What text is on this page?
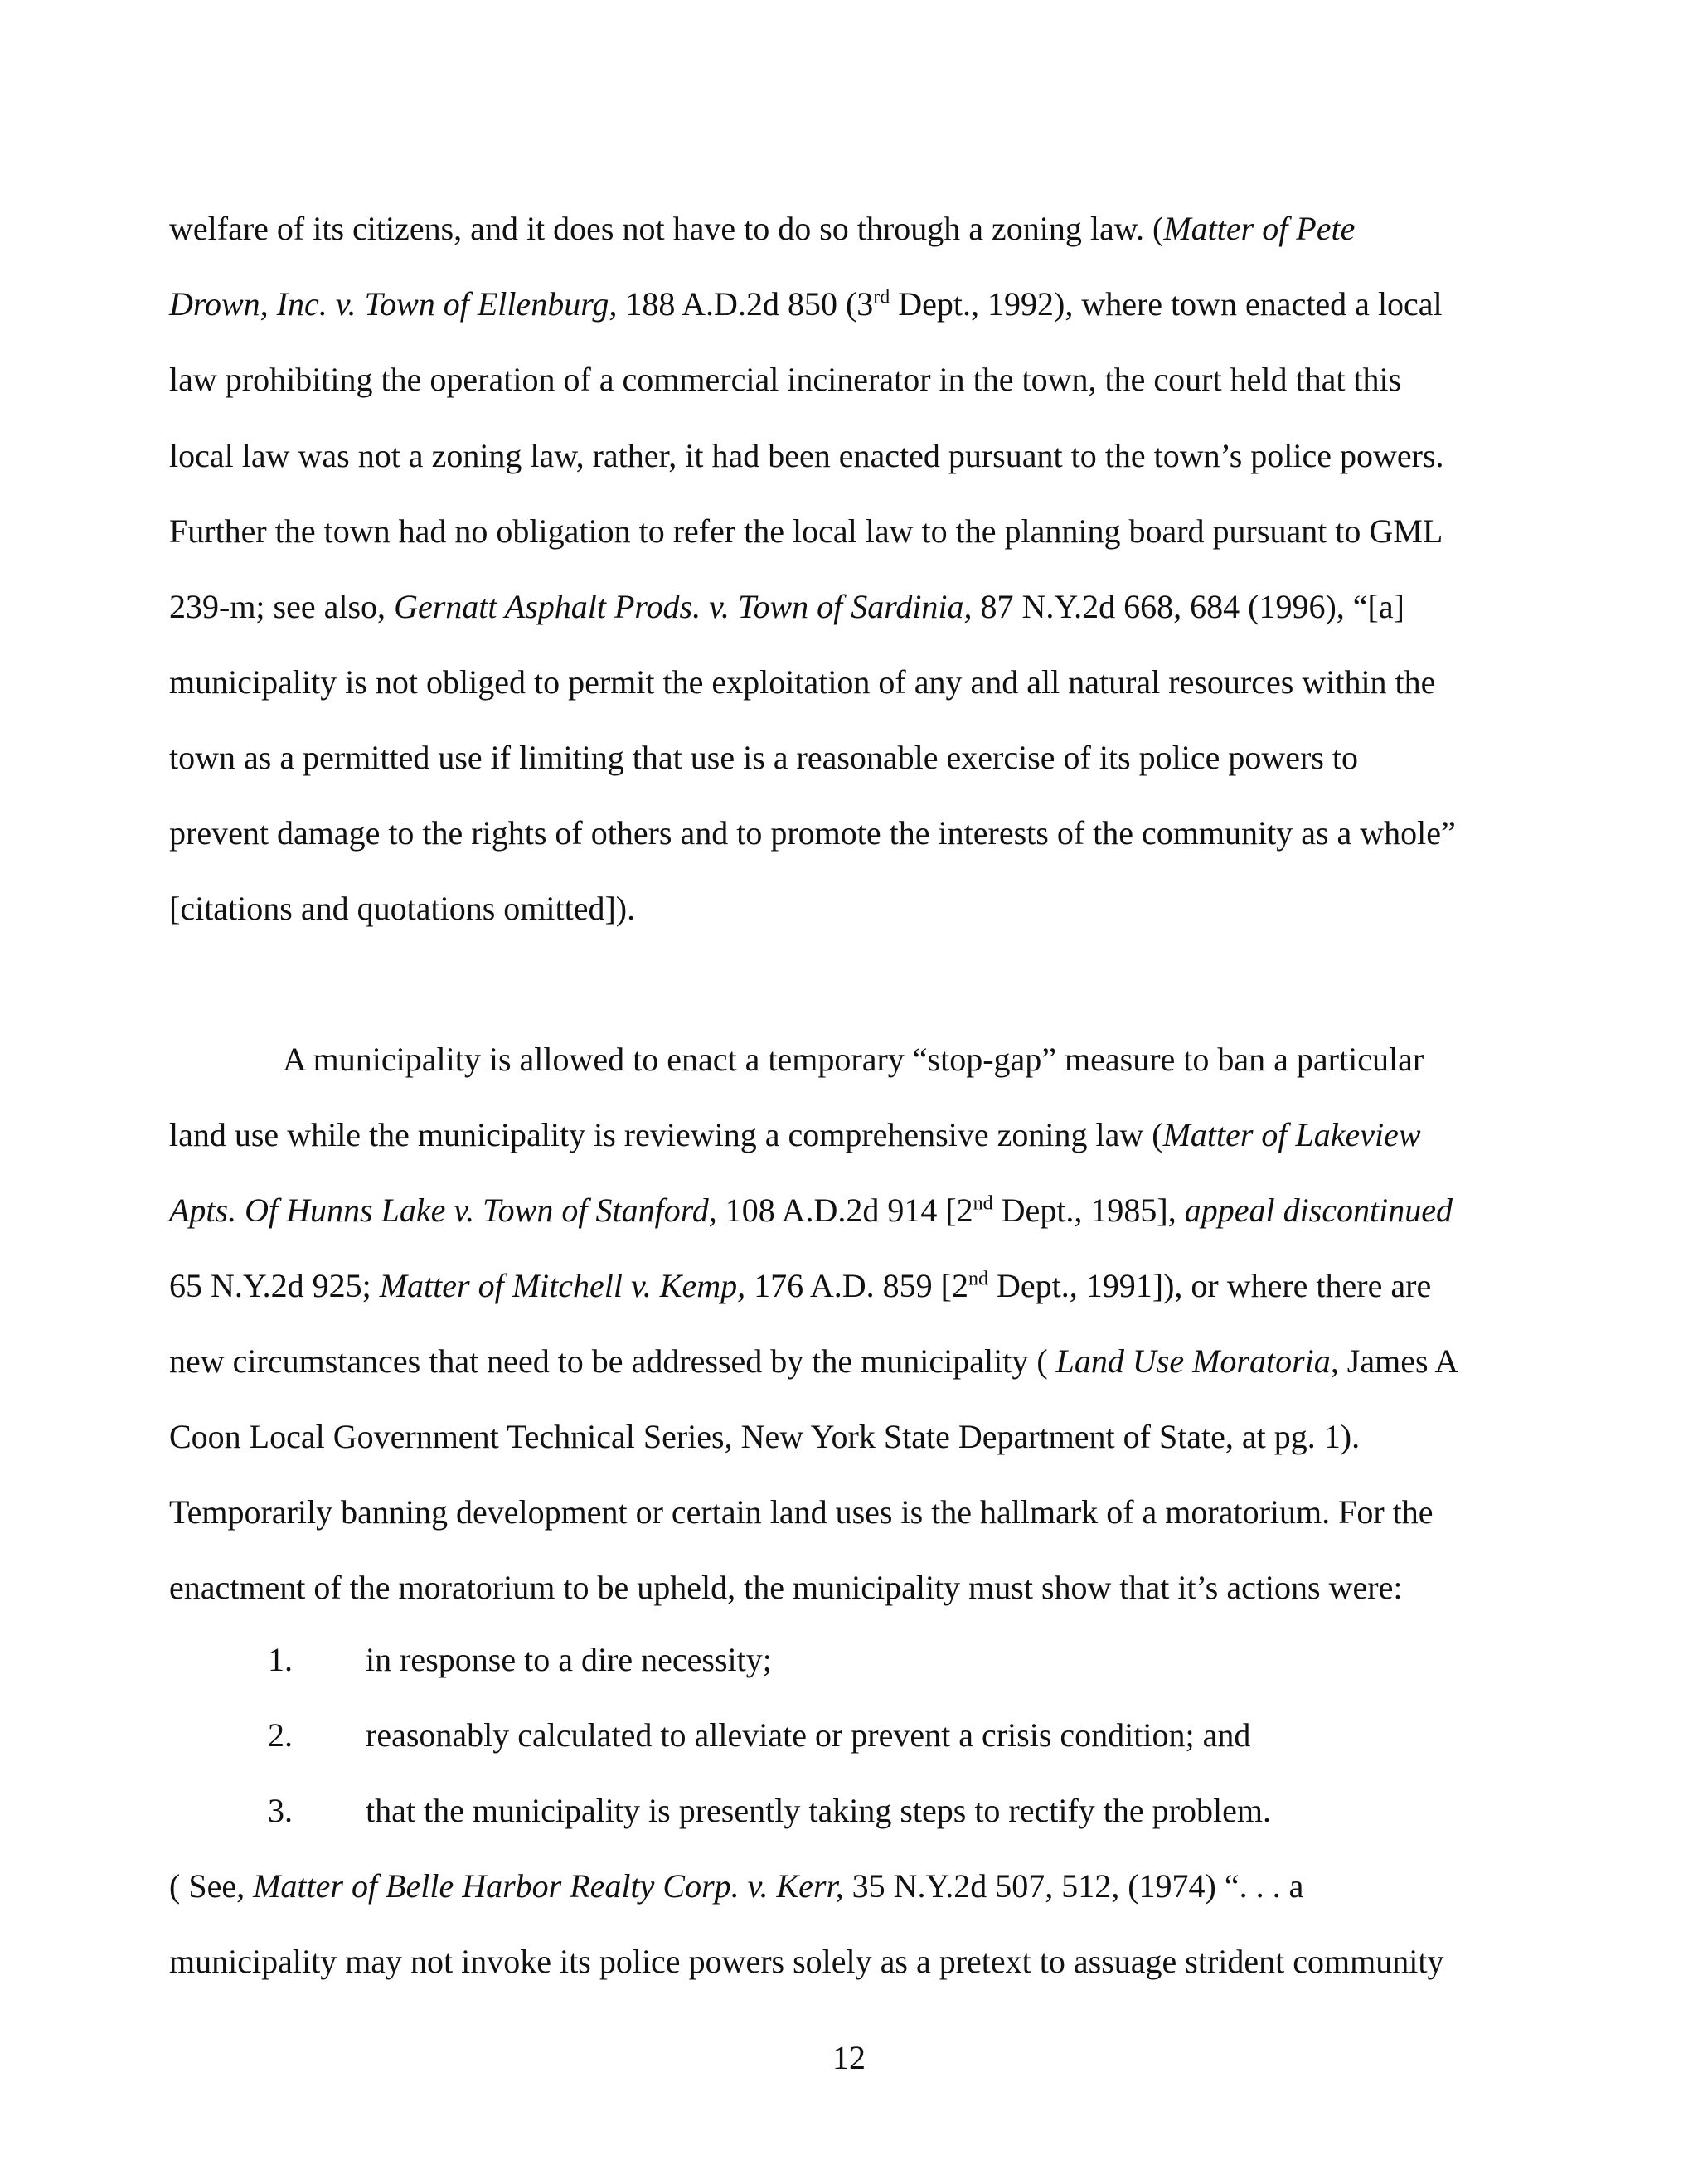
welfare of its citizens, and it does not have to do so through a zoning law. (Matter of Pete
Drown, Inc. v. Town of Ellenburg, 188 A.D.2d 850 (3rd Dept., 1992), where town enacted a local
law prohibiting the operation of a commercial incinerator in the town, the court held that this
local law was not a zoning law, rather, it had been enacted pursuant to the town’s police powers.
Further the town had no obligation to refer the local law to the planning board pursuant to GML
239-m; see also, Gernatt Asphalt Prods. v. Town of Sardinia, 87 N.Y.2d 668, 684 (1996), “[a]
municipality is not obliged to permit the exploitation of any and all natural resources within the
town as a permitted use if limiting that use is a reasonable exercise of its police powers to
prevent damage to the rights of others and to promote the interests of the community as a whole”
[citations and quotations omitted]).
A municipality is allowed to enact a temporary “stop-gap” measure to ban a particular
land use while the municipality is reviewing a comprehensive zoning law (Matter of Lakeview
Apts. Of Hunns Lake v. Town of Stanford, 108 A.D.2d 914 [2nd Dept., 1985], appeal discontinued
65 N.Y.2d 925; Matter of Mitchell v. Kemp, 176 A.D. 859 [2nd Dept., 1991]), or where there are
new circumstances that need to be addressed by the municipality ( Land Use Moratoria, James A
Coon Local Government Technical Series, New York State Department of State, at pg. 1).
Temporarily banning development or certain land uses is the hallmark of a moratorium. For the
enactment of the moratorium to be upheld, the municipality must show that it’s actions were:
1. in response to a dire necessity;
2. reasonably calculated to alleviate or prevent a crisis condition; and
3. that the municipality is presently taking steps to rectify the problem.
( See, Matter of Belle Harbor Realty Corp. v. Kerr, 35 N.Y.2d 507, 512, (1974) “. . . a
municipality may not invoke its police powers solely as a pretext to assuage strident community
12
